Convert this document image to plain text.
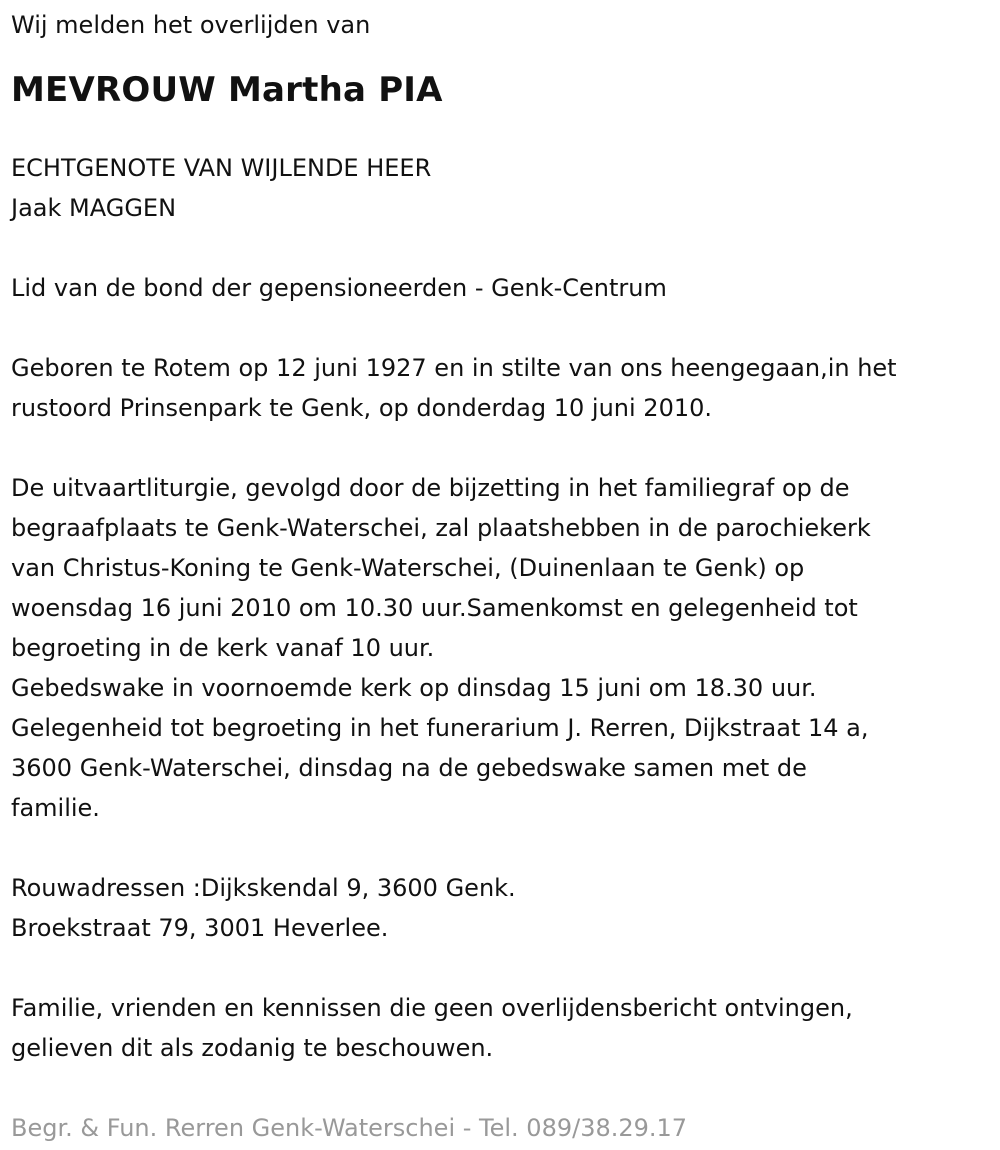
Wij melden het overlijden van

MEVROUW Martha PIA

ECHTGENOTE VAN WIJLENDE HEER

Jaak MAGGEN

Lid van de bond der gepensioneerden - Genk-Centrum

Geboren te Rotem op 12 juni 1927 en in stilte van ons heengegaan,in het

rustoord Prinsenpark te Genk, op donderdag 10 juni 2010.

De uitvaartliturgie, gevolgd door de bijzetting in het familiegraf op de

begraafplaats te Genk-Waterschei, zal plaatshebben in de parochiekerk

van Christus-Koning te Genk-Waterschei, (Duinenlaan te Genk) op

woensdag 16 juni 2010 om 10.30 uur.Samenkomst en gelegenheid tot

begroeting in de kerk vanaf 10 uur.

Gebedswake in voornoemde kerk op dinsdag 15 juni om 18.30 uur.

Gelegenheid tot begroeting in het funerarium J. Rerren, Dijkstraat 14 a,

3600 Genk-Waterschei, dinsdag na de gebedswake samen met de

familie.

Rouwadressen :Dijkskendal 9, 3600 Genk.

Broekstraat 79, 3001 Heverlee.

Familie, vrienden en kennissen die geen overlijdensbericht ontvingen,

gelieven dit als zodanig te beschouwen.

Begr. & Fun. Rerren Genk-Waterschei - Tel. 089/38.29.17
